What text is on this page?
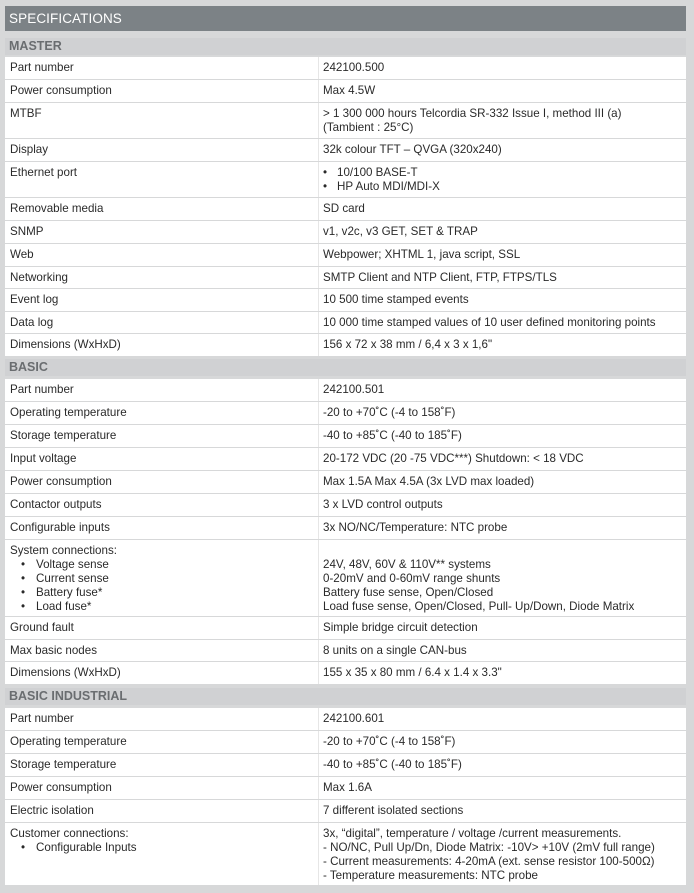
SPECIFICATIONS
MASTER
Part number	242100.500
Power consumption	Max 4.5W
MTBF	> 1 300 000 hours Telcordia SR-332 Issue I, method III (a)
(Tambient : 25°C)
Display	32k colour TFT – QVGA (320x240)
Ethernet port
•	10/100 BASE-T
• HP Auto MDI/MDI-X
Removable media	SD card
SNMP	v1, v2c, v3 GET, SET & TRAP
Web	Webpower; XHTML 1, java script, SSL
Networking	SMTP Client and NTP Client, FTP, FTPS/TLS
Event log	10 500 time stamped events
Data log	10 000 time stamped values of 10 user defined monitoring points
Dimensions (WxHxD)	156 x 72 x 38 mm / 6,4 x 3 x 1,6"
BASIC
Part number	242100.501
Operating temperature	-20 to +70˚C (-4 to 158˚F)
Storage temperature	-40 to +85˚C (-40 to 185˚F)
Input voltage	20-172 VDC (20 -75 VDC***) Shutdown: < 18 VDC
Power consumption	Max 1.5A Max 4.5A (3x LVD max loaded)
Contactor outputs	3 x LVD control outputs
Configurable inputs	3x NO/NC/Temperature: NTC probe
System connections:
• Voltage sense
• Current sense
• Battery fuse*
• Load fuse*
24V, 48V, 60V & 110V** systems
0-20mV and 0-60mV range shunts
Battery fuse sense, Open/Closed
Load fuse sense, Open/Closed, Pull- Up/Down, Diode Matrix
Ground fault	Simple bridge circuit detection
Max basic nodes	8 units on a single CAN-bus
Dimensions (WxHxD)	155 x 35 x 80 mm / 6.4 x 1.4 x 3.3"
BASIC INDUSTRIAL
Part number	242100.601
Operating temperature	-20 to +70˚C (-4 to 158˚F)
Storage temperature	-40 to +85˚C (-40 to 185˚F)
Power consumption	Max 1.6A
Electric isolation	7 different isolated sections
Customer connections:
• Configurable Inputs
3x, “digital”, temperature / voltage /current measurements.
- NO/NC, Pull Up/Dn, Diode Matrix: -10V> +10V (2mV full range)
- Current measurements: 4-20mA (ext. sense resistor 100-500Ω)
- Temperature measurements: NTC probe
